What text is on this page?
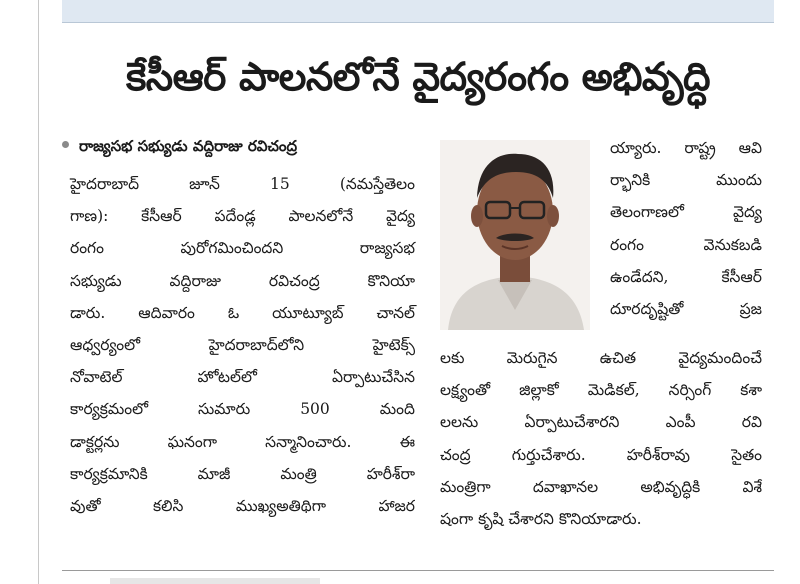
కేసీఆర్ పాలనలోనే వైద్యరంగం అభివృద్ధి
రాజ్యసభ సభ్యుడు వద్దిరాజు రవిచంద్ర
హైదరాబాద్ జూన్ 15 (నమస్తేతెలం
గాణ): కేసీఆర్ పదేండ్ల పాలనలోనే వైద్య
రంగం పురోగమించిందని రాజ్యసభ
సభ్యుడు వద్దిరాజు రవిచంద్ర కొనియా
డారు. ఆదివారం ఓ యూట్యూబ్ చానల్
ఆధ్వర్యంలో హైదరాబాద్‌లోని హైటెక్స్
నోవాటెల్ హోటల్‌లో ఏర్పాటుచేసిన
కార్యక్రమంలో సుమారు 500 మంది
డాక్టర్లను ఘనంగా సన్మానించారు. ఈ
కార్యక్రమానికి మాజీ మంత్రి హరీశ్‌రా
వుతో కలిసి ముఖ్యఅతిథిగా హాజర
య్యారు. రాష్ట్ర ఆవి
ర్భానికి ముందు
తెలంగాణలో వైద్య
రంగం వెనుకబడి
ఉండేదని, కేసీఆర్
దూరదృష్టితో ప్రజ
లకు మెరుగైన ఉచిత వైద్యమందించే
లక్ష్యంతో జిల్లాకో మెడికల్, నర్సింగ్ కశా
లలను ఏర్పాటుచేశారని ఎంపీ రవి
చంద్ర గుర్తుచేశారు. హరీశ్‌రావు సైతం
మంత్రిగా దవాఖానల అభివృద్ధికి విశే
షంగా కృషి చేశారని కొనియాడారు.
